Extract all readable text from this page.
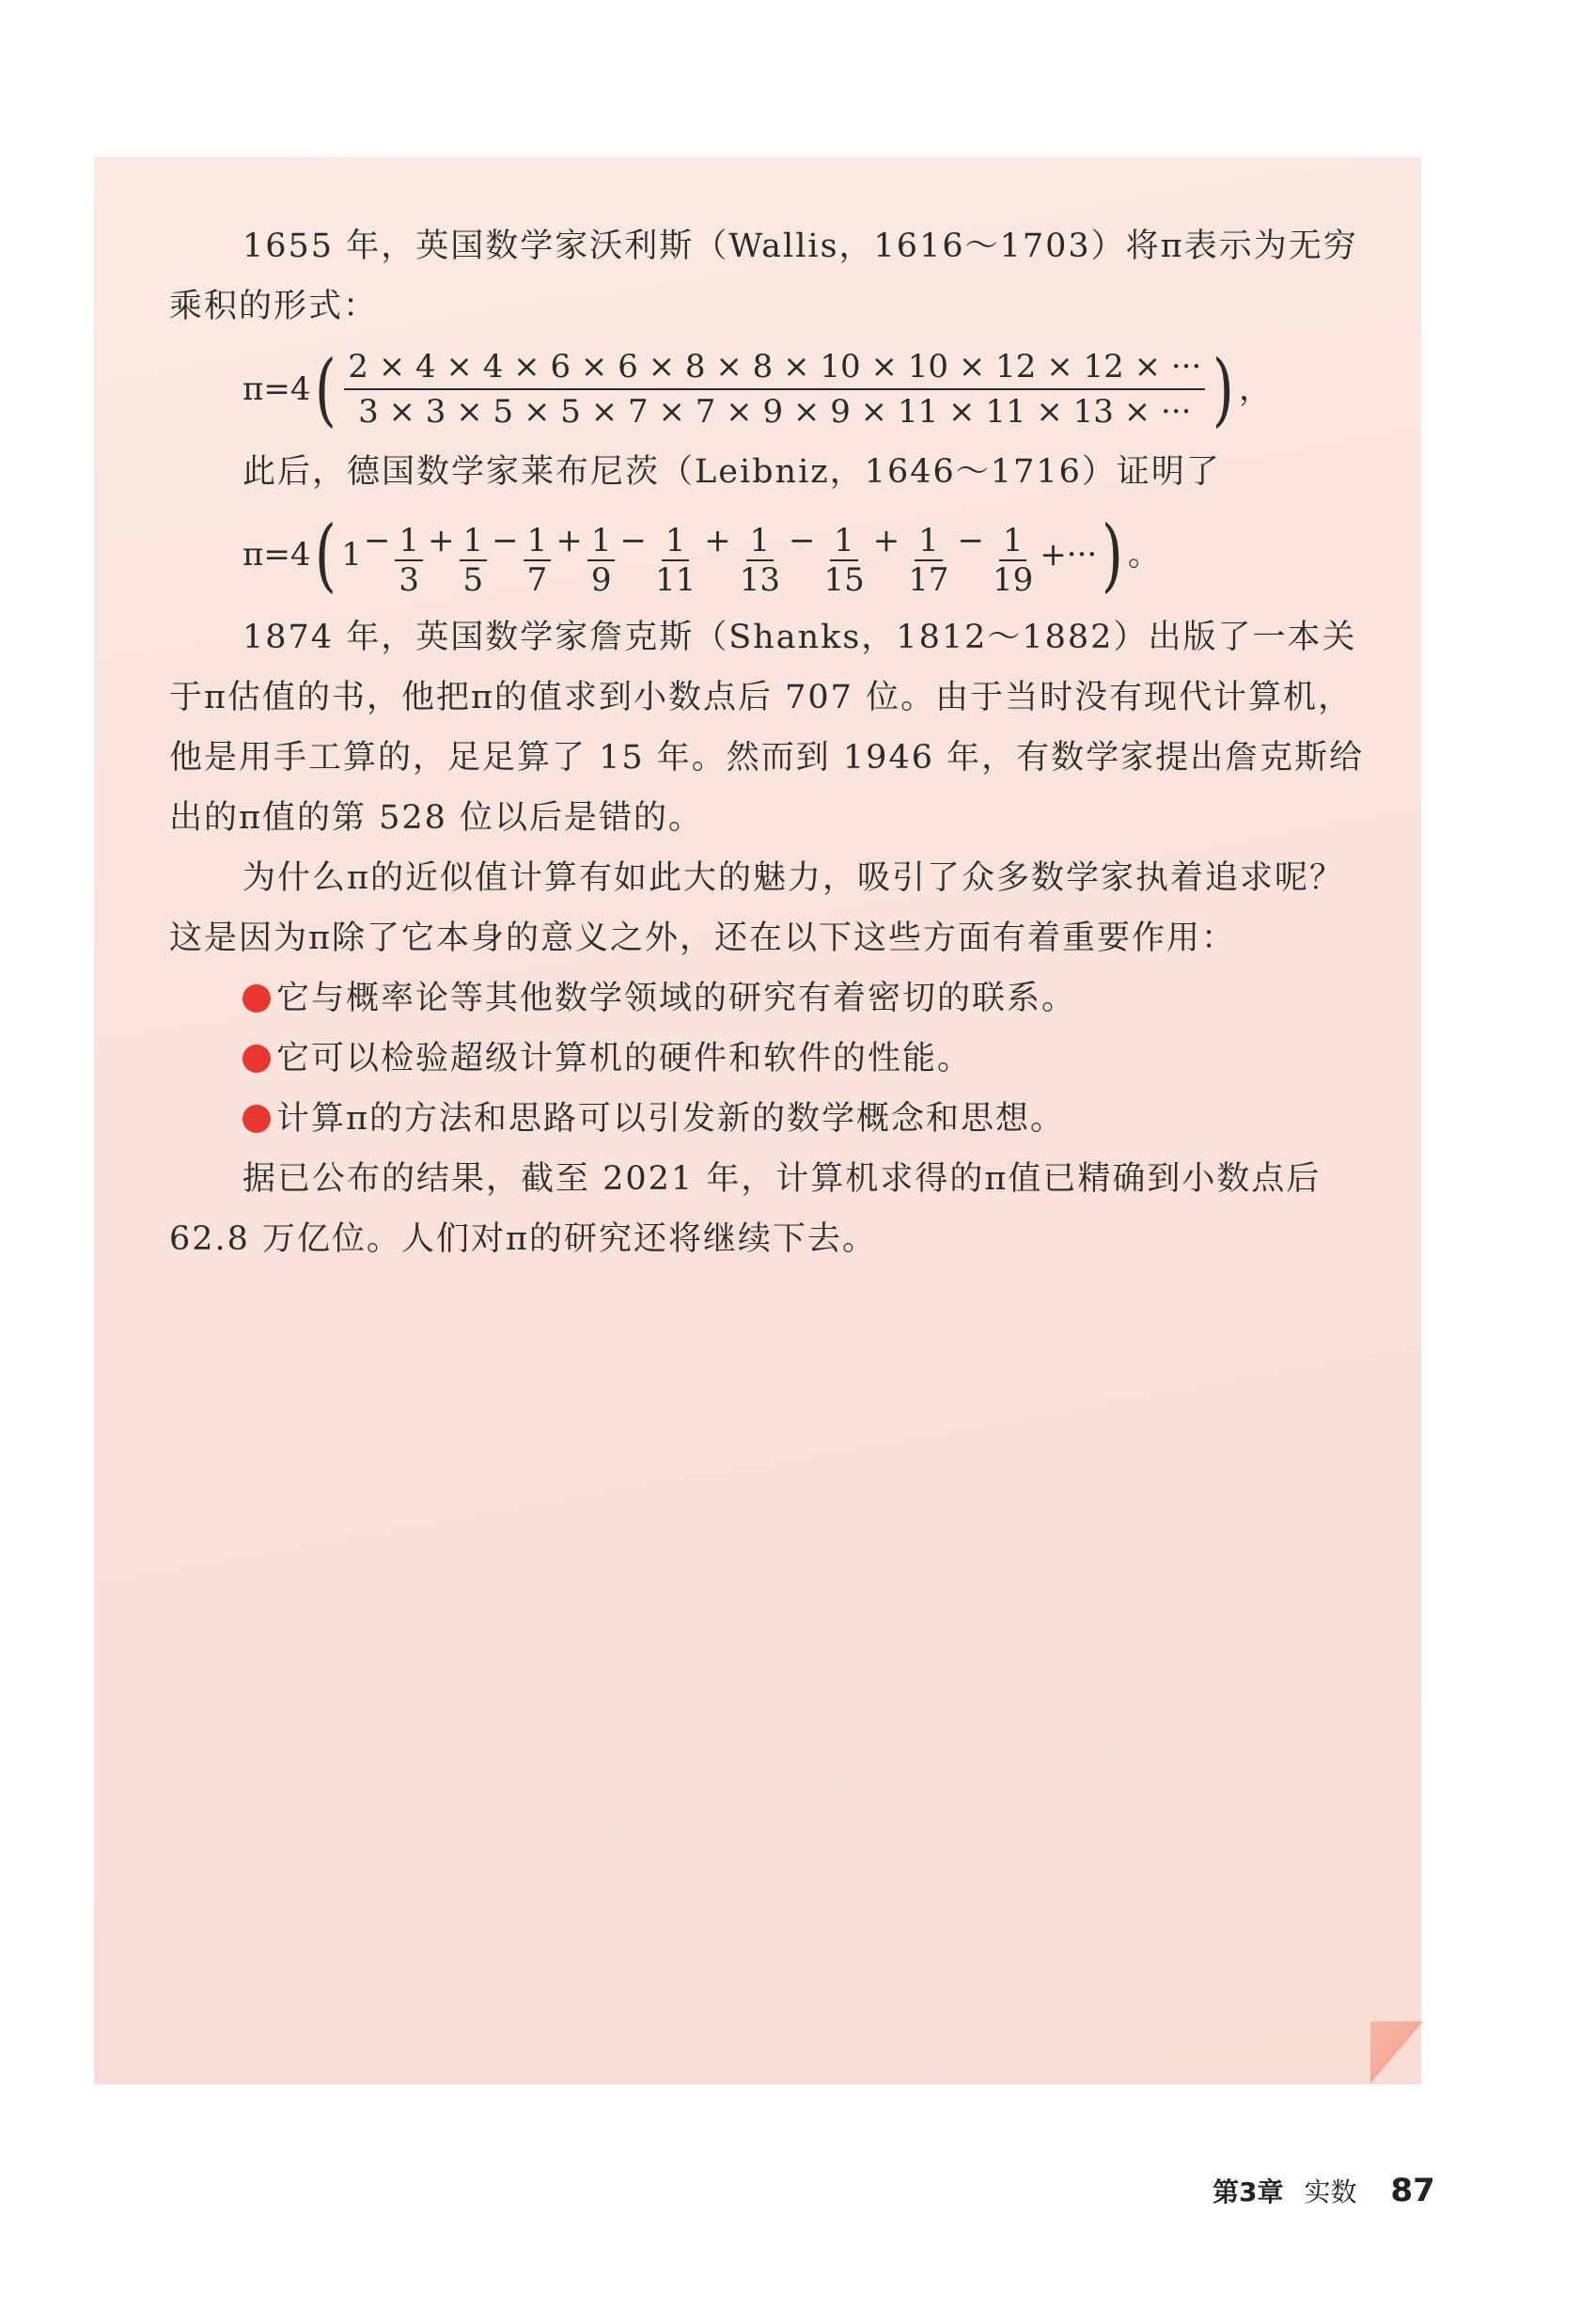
1655 年，英国数学家沃利斯（Wallis，1616～1703）将π表示为无穷乘积的形式：

π=4 ( $\frac{2 \times 4 \times 4 \times 6 \times 6 \times 8 \times 8 \times 10 \times 10 \times 12 \times 12 \times \cdot\cdot\cdot}{3 \times 3 \times 5 \times 5 \times 7 \times 7 \times 9 \times 9 \times 11 \times 11 \times 13 \times \cdot\cdot\cdot}$ ) ，

此后，德国数学家莱布尼茨（Leibniz，1646～1716）证明了

π=4 ( $1 - \frac{1}{3} + \frac{1}{5} - \frac{1}{7} + \frac{1}{9} - \frac{1}{11} + \frac{1}{13} - \frac{1}{15} + \frac{1}{17} - \frac{1}{19}$ +··· ) 。

1874 年，英国数学家詹克斯（Shanks，1812～1882）出版了一本关于π估值的书，他把π的值求到小数点后 707 位。由于当时没有现代计算机，他是用手工算的，足足算了 15 年。然而到 1946 年，有数学家提出詹克斯给出的π值的第 528 位以后是错的。

为什么π的近似值计算有如此大的魅力，吸引了众多数学家执着追求呢？这是因为π除了它本身的意义之外，还在以下这些方面有着重要作用：

它与概率论等其他数学领域的研究有着密切的联系。

它可以检验超级计算机的硬件和软件的性能。

计算π的方法和思路可以引发新的数学概念和思想。

据已公布的结果，截至 2021 年，计算机求得的π值已精确到小数点后 62.8 万亿位。人们对π的研究还将继续下去。

第3章 实数 87
